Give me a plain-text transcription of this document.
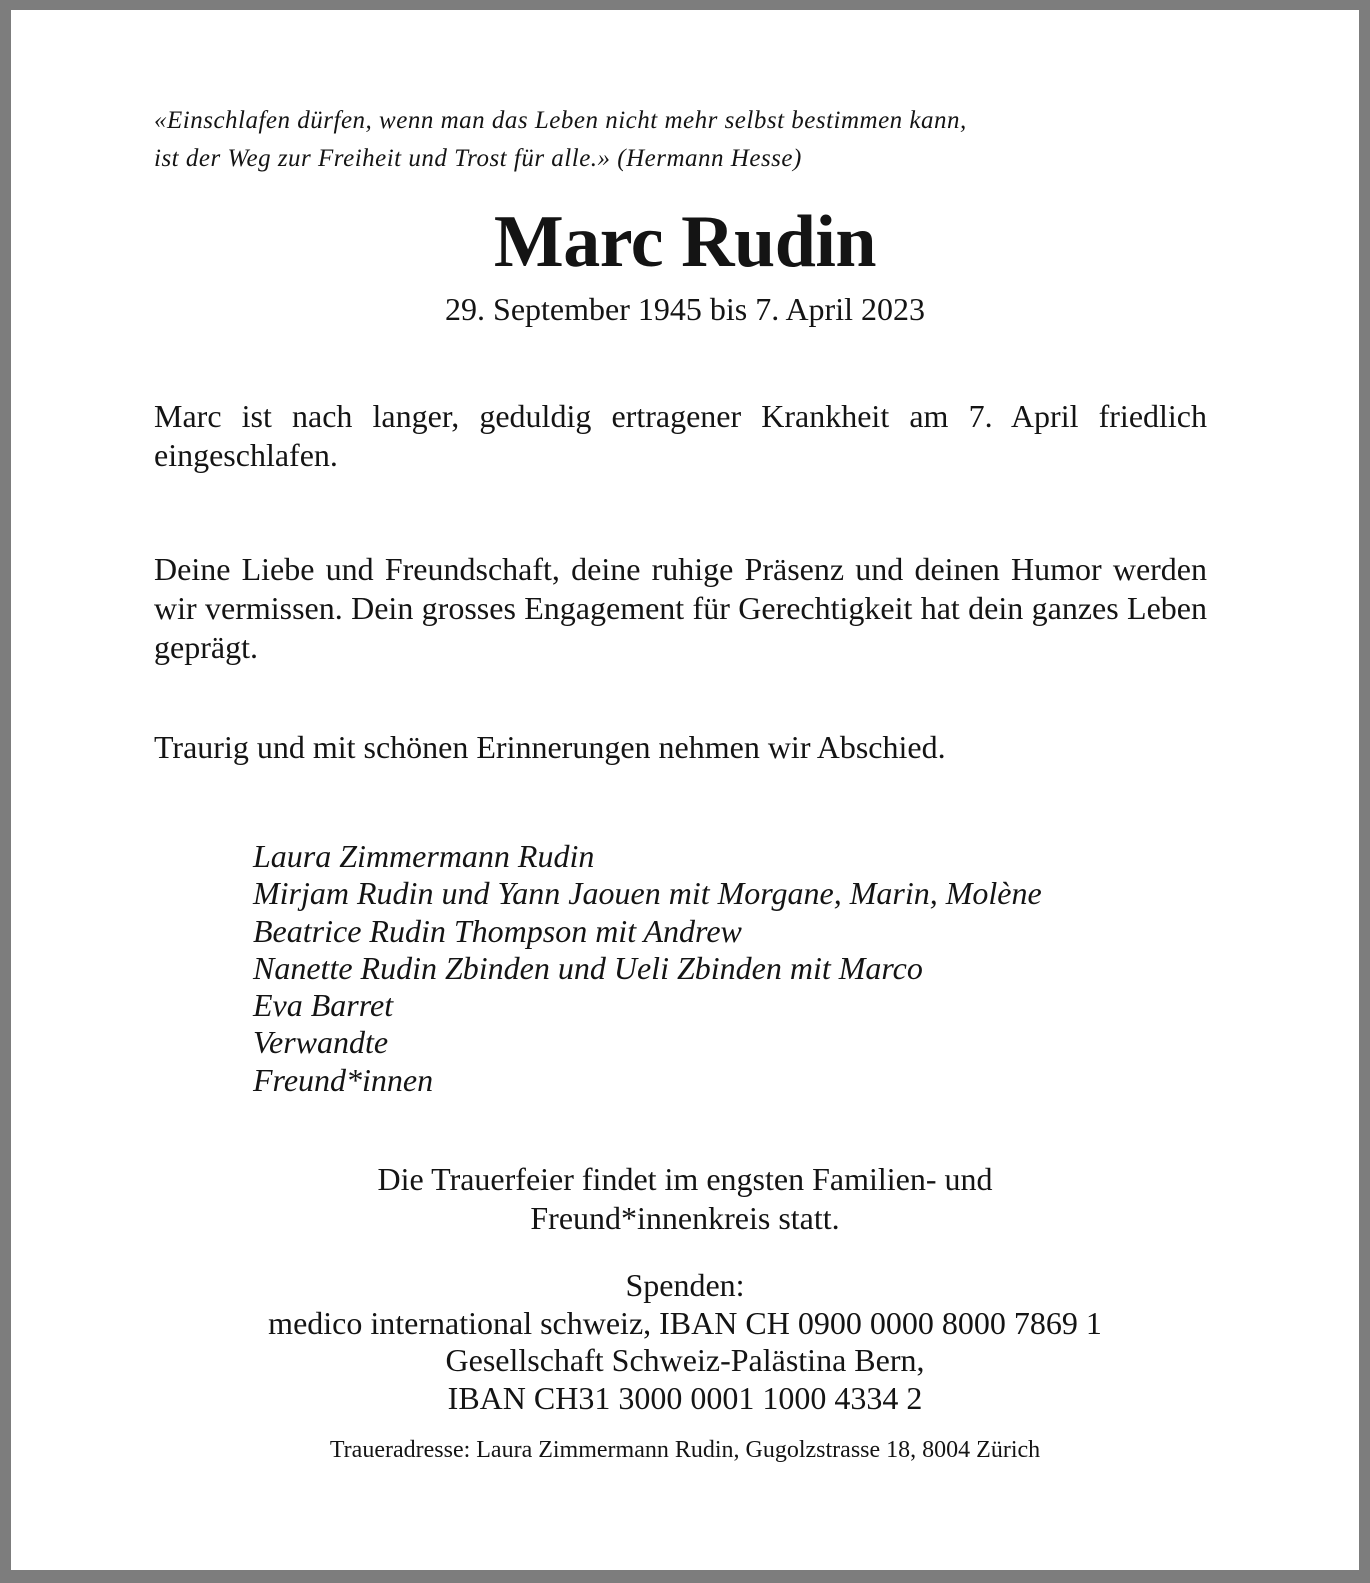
«Einschlafen dürfen, wenn man das Leben nicht mehr selbst bestimmen kann,
ist der Weg zur Freiheit und Trost für alle.» (Hermann Hesse)
Marc Rudin
29. September 1945 bis 7. April 2023
Marc ist nach langer, geduldig ertragener Krankheit am 7. April friedlich eingeschlafen.
Deine Liebe und Freundschaft, deine ruhige Präsenz und deinen Humor werden wir vermissen. Dein grosses Engagement für Gerechtigkeit hat dein ganzes Leben geprägt.
Traurig und mit schönen Erinnerungen nehmen wir Abschied.
Laura Zimmermann Rudin
Mirjam Rudin und Yann Jaouen mit Morgane, Marin, Molène
Beatrice Rudin Thompson mit Andrew
Nanette Rudin Zbinden und Ueli Zbinden mit Marco
Eva Barret
Verwandte
Freund*innen
Die Trauerfeier findet im engsten Familien- und
Freund*innenkreis statt.
Spenden:
medico international schweiz, IBAN CH 0900 0000 8000 7869 1
Gesellschaft Schweiz-Palästina Bern,
IBAN CH31 3000 0001 1000 4334 2
Traueradresse: Laura Zimmermann Rudin, Gugolzstrasse 18, 8004 Zürich
